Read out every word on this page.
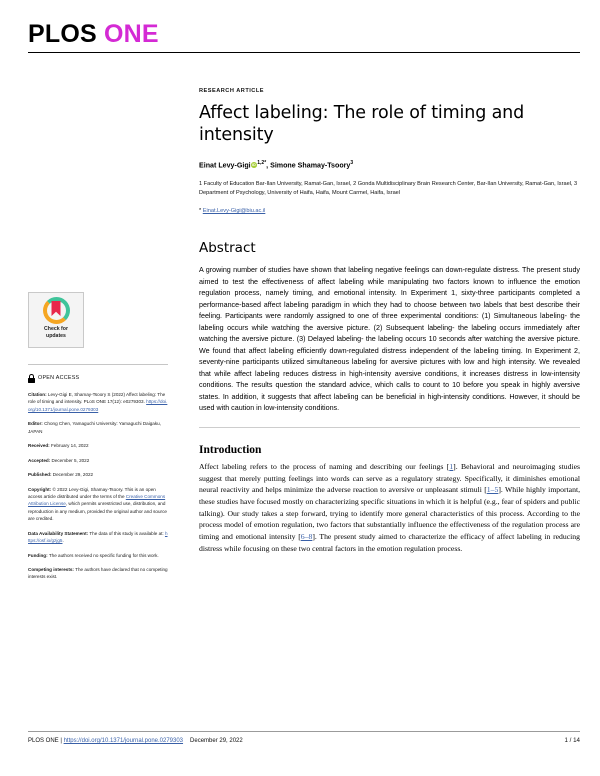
PLOS ONE
Check for
updates
OPEN ACCESS
Citation: Levy-Gigi E, Shamay-Tsoory S (2022) Affect labeling: The role of timing and intensity. PLoS ONE 17(12): e0279303. https://doi.org/10.1371/journal.pone.0279303
Editor: Chong Chen, Yamaguchi University: Yamaguchi Daigaku, JAPAN
Received: February 14, 2022
Accepted: December 5, 2022
Published: December 29, 2022
Copyright: © 2022 Levy-Gigi, Shamay-Tsoory. This is an open access article distributed under the terms of the Creative Commons Attribution License, which permits unrestricted use, distribution, and reproduction in any medium, provided the original author and source are credited.
Data Availability Statement: The data of this study is available at: https://osf.io/gzjg5.
Funding: The authors received no specific funding for this work.
Competing interests: The authors have declared that no competing interests exist.
RESEARCH ARTICLE
Affect labeling: The role of timing and intensity
Einat Levy-Gigi iD $^{1,2*}$, Simone Shamay-Tsoory$^3$
1 Faculty of Education Bar-Ilan University, Ramat-Gan, Israel, 2 Gonda Multidisciplinary Brain Research Center, Bar-Ilan University, Ramat-Gan, Israel, 3 Department of Psychology, University of Haifa, Haifa, Mount Carmel, Haifa, Israel
* Einat.Levy-Gigi@biu.ac.il
Abstract
A growing number of studies have shown that labeling negative feelings can down-regulate distress. The present study aimed to test the effectiveness of affect labeling while manipulating two factors known to influence the emotion regulation process, namely timing, and emotional intensity. In Experiment 1, sixty-three participants completed a performance-based affect labeling paradigm in which they had to choose between two labels that best describe their feeling. Participants were randomly assigned to one of three experimental conditions: (1) Simultaneous labeling- the labeling occurs while watching the aversive picture. (2) Subsequent labeling- the labeling occurs immediately after watching the aversive picture. (3) Delayed labeling- the labeling occurs 10 seconds after watching the aversive picture. We found that affect labeling efficiently down-regulated distress independent of the labeling timing. In Experiment 2, seventy-nine participants utilized simultaneous labeling for aversive pictures with low and high intensity. We revealed that while affect labeling reduces distress in high-intensity aversive conditions, it increases distress in low-intensity conditions. The results question the standard advice, which calls to count to 10 before you speak in highly aversive states. In addition, it suggests that affect labeling can be beneficial in high-intensity conditions. However, it should be used with caution in low-intensity conditions.
Introduction
Affect labeling refers to the process of naming and describing our feelings [1]. Behavioral and neuroimaging studies suggest that merely putting feelings into words can serve as a regulatory strategy. Specifically, it diminishes emotional neural reactivity and helps minimize the adverse reaction to aversive or unpleasant stimuli [1–5]. While highly important, these studies have focused mostly on characterizing specific situations in which it is helpful (e.g., fear of spiders and public talking). Our study takes a step forward, trying to identify more general characteristics of this process. According to the process model of emotion regulation, two factors that substantially influence the effectiveness of the regulation process are timing and emotional intensity [6–8]. The present study aimed to characterize the efficacy of affect labeling in reducing distress while focusing on these two central factors in the emotion regulation process.
PLOS ONE | https://doi.org/10.1371/journal.pone.0279303 December 29, 2022	1 / 14
